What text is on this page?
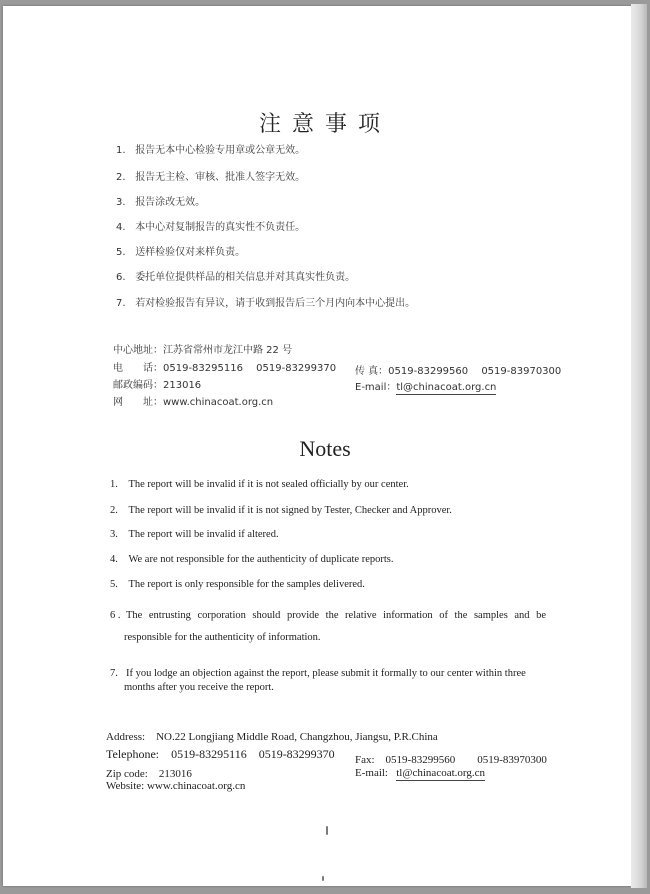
注意事项
1. 报告无本中心检验专用章或公章无效。
2. 报告无主检、审核、批准人签字无效。
3. 报告涂改无效。
4. 本中心对复制报告的真实性不负责任。
5. 送样检验仅对来样负责。
6. 委托单位提供样品的相关信息并对其真实性负责。
7. 若对检验报告有异议，请于收到报告后三个月内向本中心提出。
中心地址：江苏省常州市龙江中路 22 号
电　　话：0519-83295116　 0519-83299370 传 真：0519-83299560　 0519-83970300
邮政编码：213016	E-mail：tl@chinacoat.org.cn
网　　址：www.chinacoat.org.cn
Notes
1. The report will be invalid if it is not sealed officially by our center.
2. The report will be invalid if it is not signed by Tester, Checker and Approver.
3. The report will be invalid if altered.
4. We are not responsible for the authenticity of duplicate reports.
5. The report is only responsible for the samples delivered.
6 . The entrusting corporation should provide the relative information of the samples and be
responsible for the authenticity of information.
7. If you lodge an objection against the report, please submit it formally to our center within three
months after you receive the report.
Address:　NO.22 Longjiang Middle Road, Changzhou, Jiangsu, P.R.China
Telephone:　0519-83295116　0519-83299370 Fax:　0519-83299560　　0519-83970300
Zip code:　213016	E-mail: tl@chinacoat.org.cn
Website: www.chinacoat.org.cn
